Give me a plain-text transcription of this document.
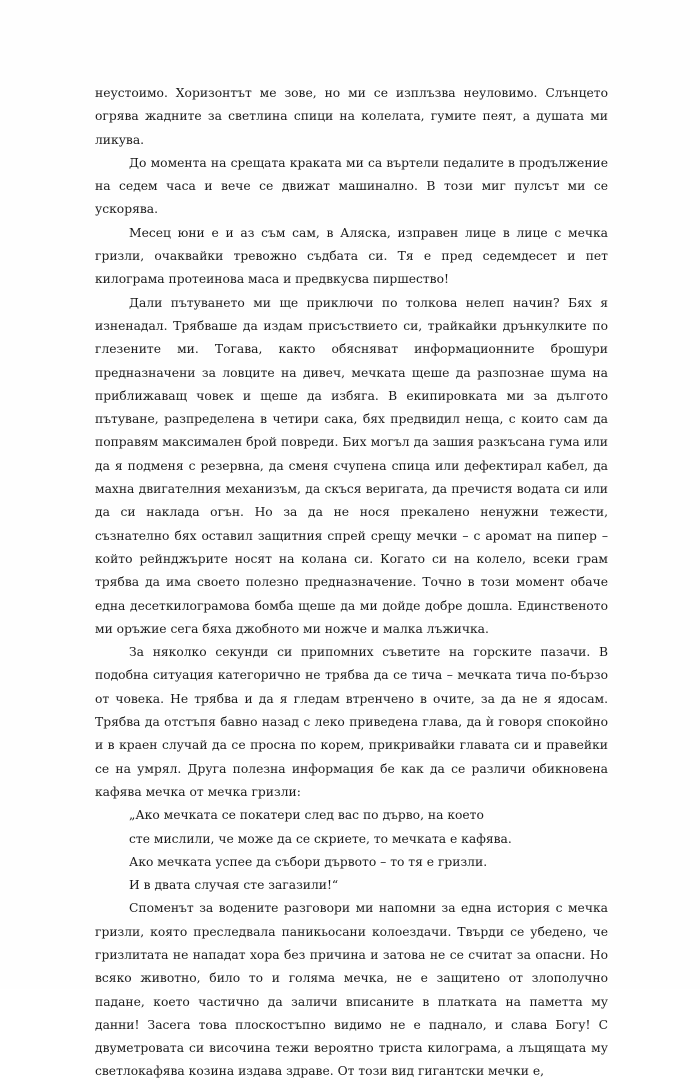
неустоимо. Хоризонтът ме зове, но ми се изплъзва неуловимо. Слънцето огрява жадните за светлина спици на колелата, гумите пеят, а душата ми ликува.

До момента на срещата краката ми са въртели педалите в продължение на седем часа и вече се движат машинално. В този миг пулсът ми се ускорява.

Месец юни е и аз съм сам, в Аляска, изправен лице в лице с мечка гризли, очаквайки тревожно съдбата си. Тя е пред седемдесет и пет килограма протеинова маса и предвкусва пиршество!

Дали пътуването ми ще приключи по толкова нелеп начин? Бях я изненадал. Трябваше да издам присъствието си, трайкайки дрънкулките по глезените ми. Тогава, както обясняват информационните брошури предназначени за ловците на дивеч, мечката щеше да разпознае шума на приближаващ човек и щеше да избяга. В екипировката ми за дългото пътуване, разпределена в четири сака, бях предвидил неща, с които сам да поправям максимален брой повреди. Бих могъл да зашия разкъсана гума или да я подменя с резервна, да сменя счупена спица или дефектирал кабел, да махна двигателния механизъм, да скъся веригата, да пречистя водата си или да си наклада огън. Но за да не нося прекалено ненужни тежести, съзнателно бях оставил защитния спрей срещу мечки – с аромат на пипер – който рейнджърите носят на колана си. Когато си на колело, всеки грам трябва да има своето полезно предназначение. Точно в този момент обаче една десеткилограмова бомба щеше да ми дойде добре дошла. Единственото ми оръжие сега бяха джобното ми ножче и малка лъжичка.

За няколко секунди си припомних съветите на горските пазачи. В подобна ситуация категорично не трябва да се тича – мечката тича по-бързо от човека. Не трябва и да я гледам втренчено в очите, за да не я ядосам. Трябва да отстъпя бавно назад с леко приведена глава, да ѝ говоря спокойно и в краен случай да се просна по корем, прикривайки главата си и правейки се на умрял. Друга полезна информация бе как да се различи обикновена кафява мечка от мечка гризли:

„Ако мечката се покатери след вас по дърво, на което
сте мислили, че може да се скриете, то мечката е кафява.
Ако мечката успее да събори дървото – то тя е гризли.
И в двата случая сте загазили!“

Споменът за водените разговори ми напомни за една история с мечка гризли, която преследвала паникьосани колоездачи. Твърди се убедено, че гризлитата не нападат хора без причина и затова не се считат за опасни. Но всяко животно, било то и голяма мечка, не е защитено от злополучно падане, което частично да заличи вписаните в платката на паметта му данни! Засега това плоскостъпно видимо не е паднало, и слава Богу! С двуметровата си височина тежи вероятно триста килограма, а лъщящата му светлокафява козина издава здраве. От този вид гигантски мечки е,
